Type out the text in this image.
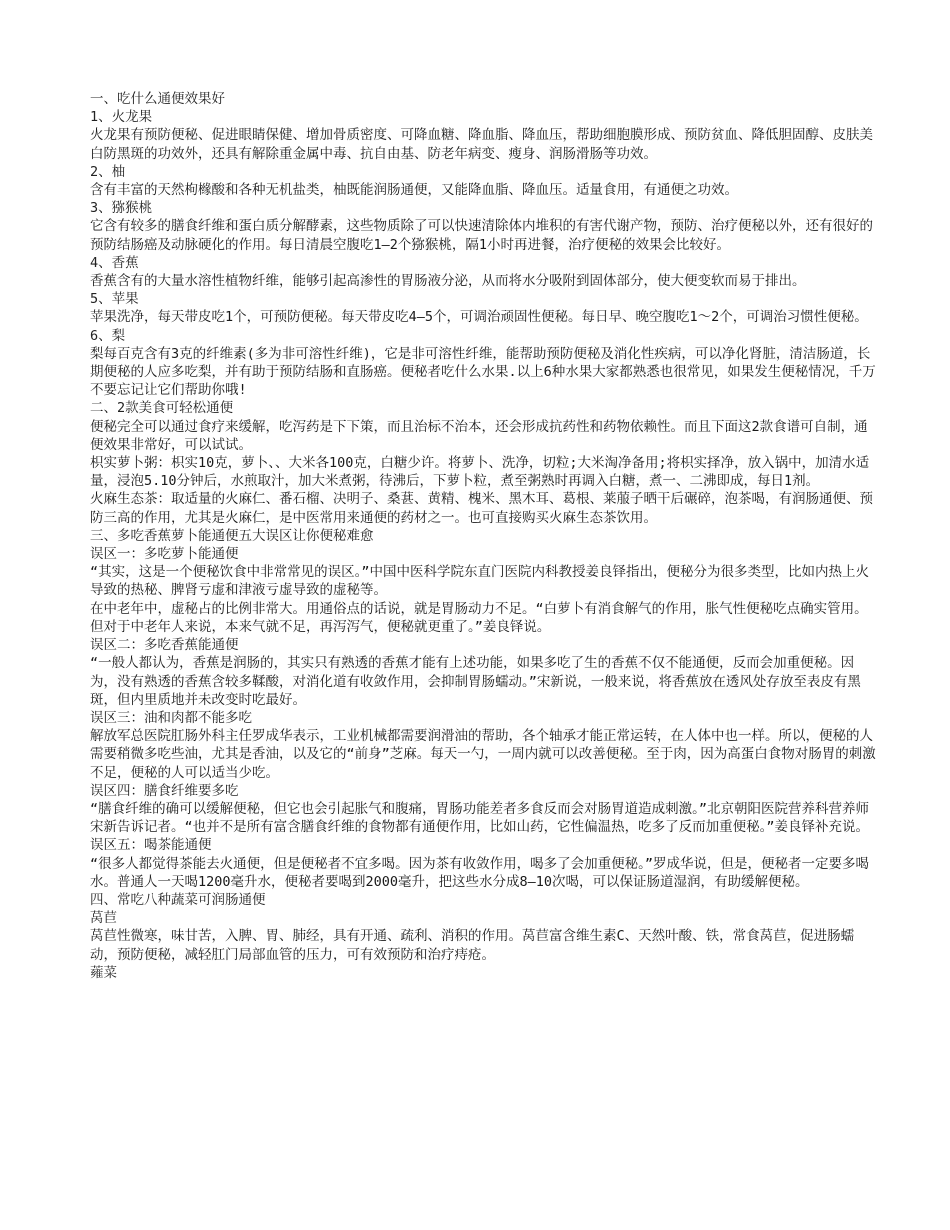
一、吃什么通便效果好

1、火龙果

火龙果有预防便秘、促进眼睛保健、增加骨质密度、可降血糖、降血脂、降血压，帮助细胞膜形成、预防贫血、降低胆固醇、皮肤美白防黑斑的功效外，还具有解除重金属中毒、抗自由基、防老年病变、瘦身、润肠滑肠等功效。

2、柚

含有丰富的天然枸橼酸和各种无机盐类，柚既能润肠通便，又能降血脂、降血压。适量食用，有通便之功效。

3、猕猴桃

它含有较多的膳食纤维和蛋白质分解酵素，这些物质除了可以快速清除体内堆积的有害代谢产物，预防、治疗便秘以外，还有很好的预防结肠癌及动脉硬化的作用。每日清晨空腹吃1—2个猕猴桃，隔1小时再进餐，治疗便秘的效果会比较好。

4、香蕉

香蕉含有的大量水溶性植物纤维，能够引起高渗性的胃肠液分泌，从而将水分吸附到固体部分，使大便变软而易于排出。

5、苹果

苹果洗净，每天带皮吃1个，可预防便秘。每天带皮吃4—5个，可调治顽固性便秘。每日早、晚空腹吃1～2个，可调治习惯性便秘。

6、梨

梨每百克含有3克的纤维素(多为非可溶性纤维)，它是非可溶性纤维，能帮助预防便秘及消化性疾病，可以净化肾脏，清洁肠道，长期便秘的人应多吃梨，并有助于预防结肠和直肠癌。便秘者吃什么水果.以上6种水果大家都熟悉也很常见，如果发生便秘情况，千万不要忘记让它们帮助你哦!

二、2款美食可轻松通便

便秘完全可以通过食疗来缓解，吃泻药是下下策，而且治标不治本，还会形成抗药性和药物依赖性。而且下面这2款食谱可自制，通便效果非常好，可以试试。

枳实萝卜粥：枳实10克，萝卜、、大米各100克，白糖少许。将萝卜、洗净，切粒;大米淘净备用;将枳实择净，放入锅中，加清水适量，浸泡5.10分钟后，水煎取汁，加大米煮粥，待沸后，下萝卜粒，煮至粥熟时再调入白糖，煮一、二沸即成，每日1剂。

火麻生态茶：取适量的火麻仁、番石榴、决明子、桑葚、黄精、槐米、黑木耳、葛根、莱菔子晒干后碾碎，泡茶喝，有润肠通便、预防三高的作用，尤其是火麻仁，是中医常用来通便的药材之一。也可直接购买火麻生态茶饮用。

三、多吃香蕉萝卜能通便五大误区让你便秘难愈

误区一：多吃萝卜能通便

“其实，这是一个便秘饮食中非常常见的误区。”中国中医科学院东直门医院内科教授姜良铎指出，便秘分为很多类型，比如内热上火导致的热秘、脾肾亏虚和津液亏虚导致的虚秘等。

在中老年中，虚秘占的比例非常大。用通俗点的话说，就是胃肠动力不足。“白萝卜有消食解气的作用，胀气性便秘吃点确实管用。但对于中老年人来说，本来气就不足，再泻泻气，便秘就更重了。”姜良铎说。

误区二：多吃香蕉能通便

“一般人都认为，香蕉是润肠的，其实只有熟透的香蕉才能有上述功能，如果多吃了生的香蕉不仅不能通便，反而会加重便秘。因为，没有熟透的香蕉含较多鞣酸，对消化道有收敛作用，会抑制胃肠蠕动。”宋新说，一般来说，将香蕉放在透风处存放至表皮有黑斑，但内里质地并未改变时吃最好。

误区三：油和肉都不能多吃

解放军总医院肛肠外科主任罗成华表示，工业机械都需要润滑油的帮助，各个轴承才能正常运转，在人体中也一样。所以，便秘的人需要稍微多吃些油，尤其是香油，以及它的“前身”芝麻。每天一勺，一周内就可以改善便秘。至于肉，因为高蛋白食物对肠胃的刺激不足，便秘的人可以适当少吃。

误区四：膳食纤维要多吃

“膳食纤维的确可以缓解便秘，但它也会引起胀气和腹痛，胃肠功能差者多食反而会对肠胃道造成刺激。”北京朝阳医院营养科营养师宋新告诉记者。“也并不是所有富含膳食纤维的食物都有通便作用，比如山药，它性偏温热，吃多了反而加重便秘。”姜良铎补充说。

误区五：喝茶能通便

“很多人都觉得茶能去火通便，但是便秘者不宜多喝。因为茶有收敛作用，喝多了会加重便秘。”罗成华说，但是，便秘者一定要多喝水。普通人一天喝1200毫升水，便秘者要喝到2000毫升，把这些水分成8—10次喝，可以保证肠道湿润，有助缓解便秘。

四、常吃八种蔬菜可润肠通便

莴苣

莴苣性微寒，味甘苦，入脾、胃、肺经，具有开通、疏利、消积的作用。莴苣富含维生素C、天然叶酸、铁，常食莴苣，促进肠蠕动，预防便秘，减轻肛门局部血管的压力，可有效预防和治疗痔疮。

蕹菜
